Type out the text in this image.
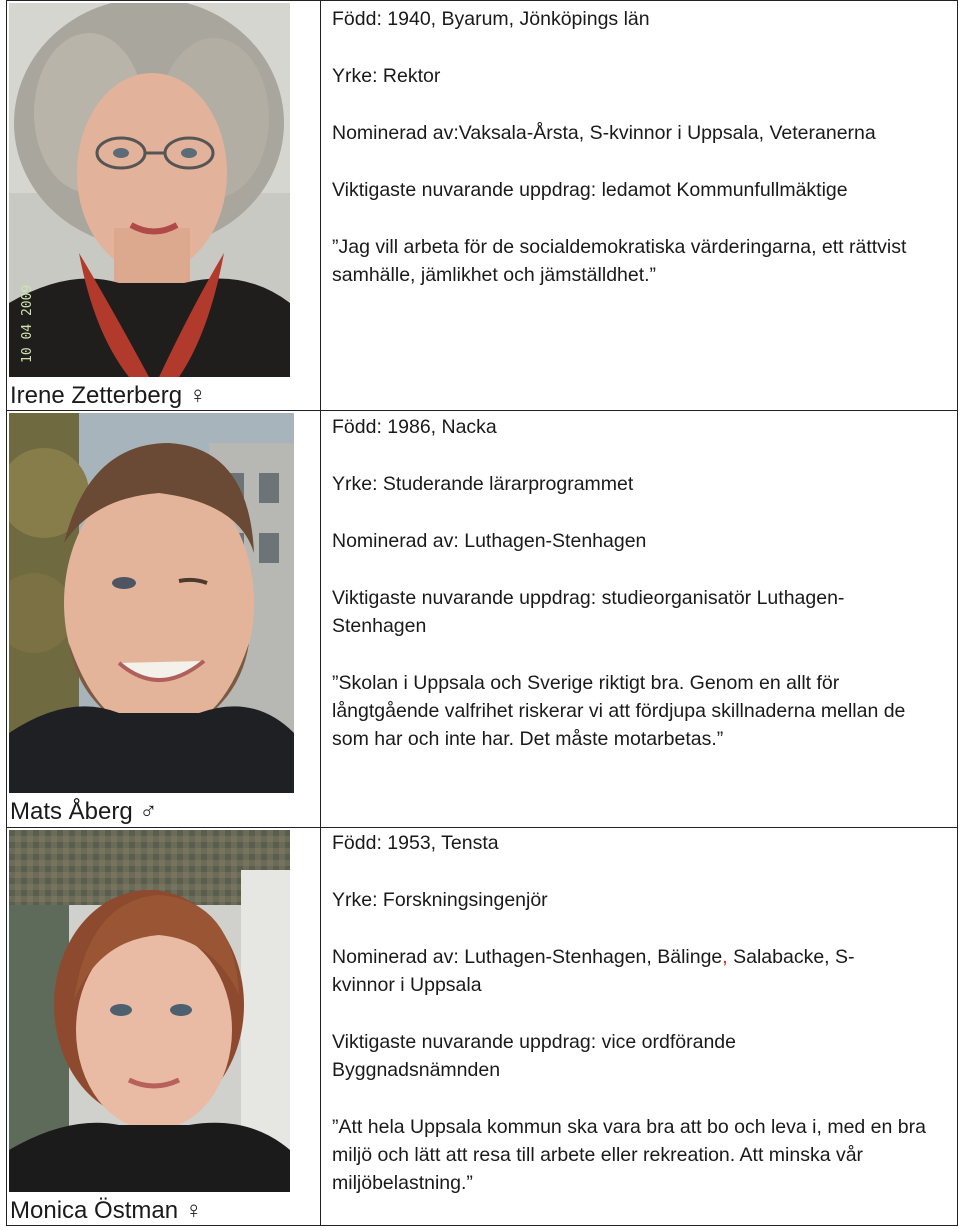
10 04 2009
Irene Zetterberg ♀

Född: 1940, Byarum, Jönköpings län

Yrke: Rektor

Nominerad av:Vaksala-Årsta, S-kvinnor i Uppsala, Veteranerna

Viktigaste nuvarande uppdrag: ledamot Kommunfullmäktige

”Jag vill arbeta för de socialdemokratiska värderingarna, ett rättvist samhälle, jämlikhet och jämställdhet.”

Mats Åberg ♂

Född: 1986, Nacka

Yrke: Studerande lärarprogrammet

Nominerad av: Luthagen-Stenhagen

Viktigaste nuvarande uppdrag: studieorganisatör Luthagen-Stenhagen

”Skolan i Uppsala och Sverige riktigt bra. Genom en allt för långtgående valfrihet riskerar vi att fördjupa skillnaderna mellan de som har och inte har. Det måste motarbetas.”

Monica Östman ♀

Född: 1953, Tensta

Yrke: Forskningsingenjör

Nominerad av: Luthagen-Stenhagen, Bälinge, Salabacke, S-kvinnor i Uppsala

Viktigaste nuvarande uppdrag: vice ordförande Byggnadsnämnden

”Att hela Uppsala kommun ska vara bra att bo och leva i, med en bra miljö och lätt att resa till arbete eller rekreation. Att minska vår miljöbelastning.”
